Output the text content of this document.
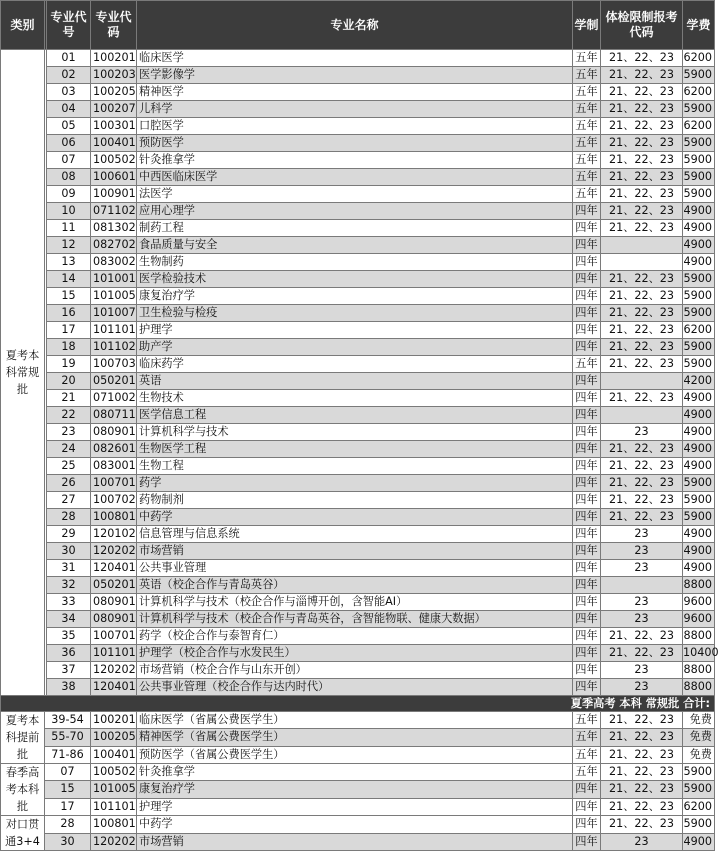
类别		专业代号	专业代码	专业名称	学制	体检限制报考代码	学费
夏考本科常规批		01	100201	临床医学	五年	21、22、23	6200
		02	100203	医学影像学	五年	21、22、23	5900
		03	100205	精神医学	五年	21、22、23	6200
		04	100207	儿科学	五年	21、22、23	5900
		05	100301	口腔医学	五年	21、22、23	6200
		06	100401	预防医学	五年	21、22、23	5900
		07	100502	针灸推拿学	五年	21、22、23	5900
		08	100601	中西医临床医学	五年	21、22、23	5900
		09	100901	法医学	五年	21、22、23	5900
		10	071102	应用心理学	四年	21、22、23	4900
		11	081302	制药工程	四年	21、22、23	4900
		12	082702	食品质量与安全	四年		4900
		13	083002	生物制药	四年		4900
		14	101001	医学检验技术	四年	21、22、23	5900
		15	101005	康复治疗学	四年	21、22、23	5900
		16	101007	卫生检验与检疫	四年	21、22、23	5900
		17	101101	护理学	四年	21、22、23	6200
		18	101102	助产学	四年	21、22、23	5900
		19	100703	临床药学	五年	21、22、23	5900
		20	050201	英语	四年		4200
		21	071002	生物技术	四年	21、22、23	4900
		22	080711	医学信息工程	四年		4900
		23	080901	计算机科学与技术	四年	23	4900
		24	082601	生物医学工程	四年	21、22、23	4900
		25	083001	生物工程	四年	21、22、23	4900
		26	100701	药学	四年	21、22、23	5900
		27	100702	药物制剂	四年	21、22、23	5900
		28	100801	中药学	四年	21、22、23	5900
		29	120102	信息管理与信息系统	四年	23	4900
		30	120202	市场营销	四年	23	4900
		31	120401	公共事业管理	四年	23	4900
		32	050201	英语（校企合作与青岛英谷）	四年		8800
		33	080901	计算机科学与技术（校企合作与淄博开创，含智能AI）	四年	23	9600
		34	080901	计算机科学与技术（校企合作与青岛英谷，含智能物联、健康大数据）	四年	23	9600
		35	100701	药学（校企合作与泰智育仁）	四年	21、22、23	8800
		36	101101	护理学（校企合作与水发民生）	四年	21、22、23	10400
		37	120202	市场营销（校企合作与山东开创）	四年	23	8800
		38	120401	公共事业管理（校企合作与达内时代）	四年	23	8800
夏季高考 本科 常规批 合计:							
夏考本科提前批	39-54		100201	临床医学（省属公费医学生）	五年	21、22、23	免费
	55-70		100205	精神医学（省属公费医学生）	五年	21、22、23	免费
	71-86		100401	预防医学（省属公费医学生）	五年	21、22、23	免费
春季高考本科批	07		100502	针灸推拿学	五年	21、22、23	5900
	15		101005	康复治疗学	四年	21、22、23	5900
	17		101101	护理学	四年	21、22、23	6200
对口贯通3+4	28		100801	中药学	四年	21、22、23	5900
	30		120202	市场营销	四年	23	4900
